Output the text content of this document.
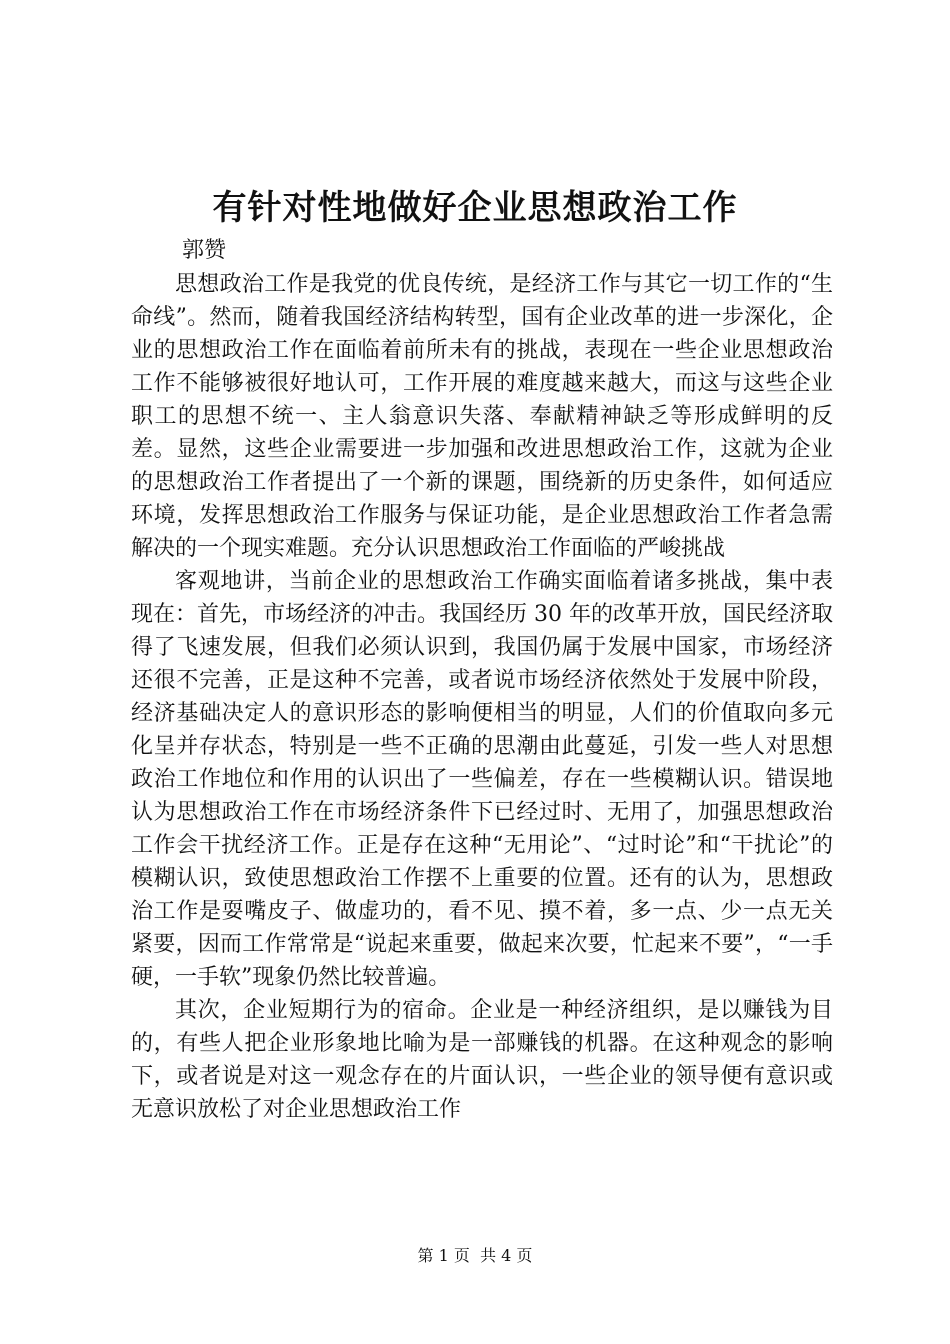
有针对性地做好企业思想政治工作

郭赞

思想政治工作是我党的优良传统，是经济工作与其它一切工作的“生命线”。然而，随着我国经济结构转型，国有企业改革的进一步深化，企业的思想政治工作在面临着前所未有的挑战，表现在一些企业思想政治工作不能够被很好地认可，工作开展的难度越来越大，而这与这些企业职工的思想不统一、主人翁意识失落、奉献精神缺乏等形成鲜明的反差。显然，这些企业需要进一步加强和改进思想政治工作，这就为企业的思想政治工作者提出了一个新的课题，围绕新的历史条件，如何适应环境，发挥思想政治工作服务与保证功能，是企业思想政治工作者急需解决的一个现实难题。充分认识思想政治工作面临的严峻挑战

客观地讲，当前企业的思想政治工作确实面临着诸多挑战，集中表现在：首先，市场经济的冲击。我国经历 30 年的改革开放，国民经济取得了飞速发展，但我们必须认识到，我国仍属于发展中国家，市场经济还很不完善，正是这种不完善，或者说市场经济依然处于发展中阶段，经济基础决定人的意识形态的影响便相当的明显，人们的价值取向多元化呈并存状态，特别是一些不正确的思潮由此蔓延，引发一些人对思想政治工作地位和作用的认识出了一些偏差，存在一些模糊认识。错误地认为思想政治工作在市场经济条件下已经过时、无用了，加强思想政治工作会干扰经济工作。正是存在这种“无用论”、“过时论”和“干扰论”的模糊认识，致使思想政治工作摆不上重要的位置。还有的认为，思想政治工作是耍嘴皮子、做虚功的，看不见、摸不着，多一点、少一点无关紧要，因而工作常常是“说起来重要，做起来次要，忙起来不要”，“一手硬，一手软”现象仍然比较普遍。

其次，企业短期行为的宿命。企业是一种经济组织，是以赚钱为目的，有些人把企业形象地比喻为是一部赚钱的机器。在这种观念的影响下，或者说是对这一观念存在的片面认识，一些企业的领导便有意识或无意识放松了对企业思想政治工作

第 1 页  共 4 页
